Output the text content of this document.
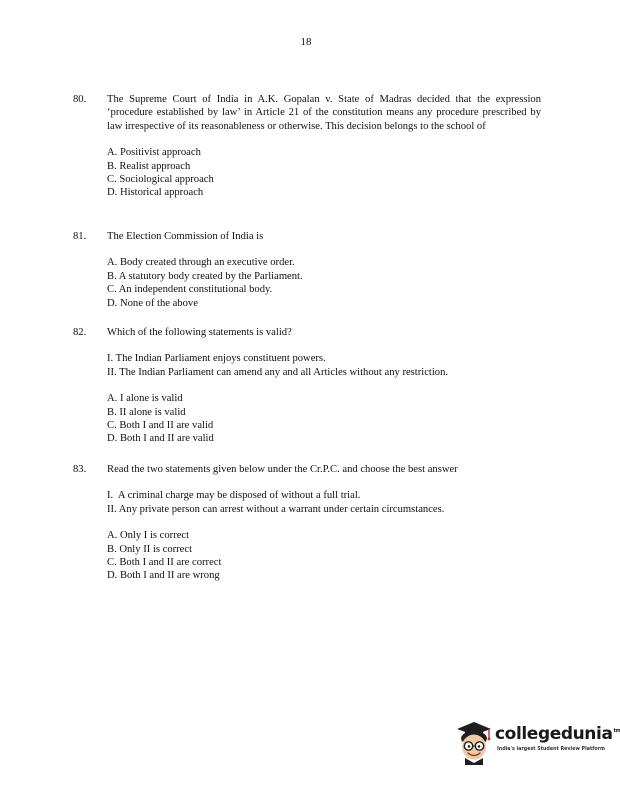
18
80. The Supreme Court of India in A.K. Gopalan v. State of Madras decided that the expression ‘procedure established by law’ in Article 21 of the constitution means any procedure prescribed by law irrespective of its reasonableness or otherwise. This decision belongs to the school of
A. Positivist approach
B. Realist approach
C. Sociological approach
D. Historical approach
81. The Election Commission of India is
A. Body created through an executive order.
B. A statutory body created by the Parliament.
C. An independent constitutional body.
D. None of the above
82. Which of the following statements is valid?
I. The Indian Parliament enjoys constituent powers.
II. The Indian Parliament can amend any and all Articles without any restriction.
A. I alone is valid
B. II alone is valid
C. Both I and II are valid
D. Both I and II are valid
83. Read the two statements given below under the Cr.P.C. and choose the best answer
I.  A criminal charge may be disposed of without a full trial.
II. Any private person can arrest without a warrant under certain circumstances.
A. Only I is correct
B. Only II is correct
C. Both I and II are correct
D. Both I and II are wrong
collegedunia$^{tm}$
India's largest Student Review Platform
